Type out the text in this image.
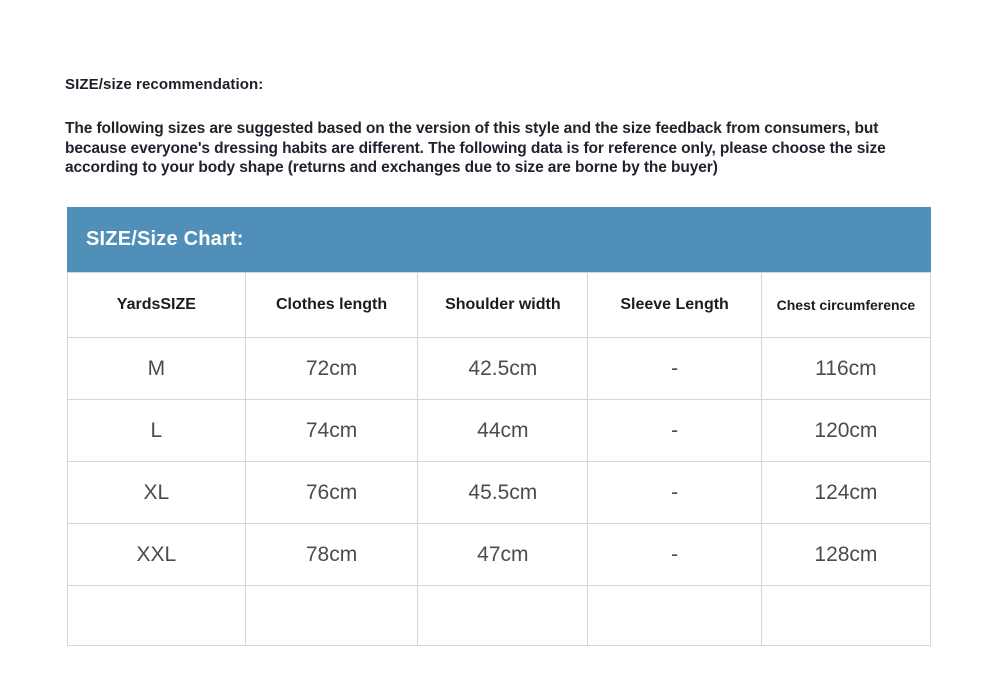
SIZE/size recommendation:
The following sizes are suggested based on the version of this style and the size feedback from consumers, but because everyone's dressing habits are different. The following data is for reference only, please choose the size according to your body shape (returns and exchanges due to size are borne by the buyer)
SIZE/Size Chart:
YardsSIZE	Clothes length	Shoulder width	Sleeve Length	Chest circumference
M	72cm	42.5cm	-	116cm
L	74cm	44cm	-	120cm
XL	76cm	45.5cm	-	124cm
XXL	78cm	47cm	-	128cm
